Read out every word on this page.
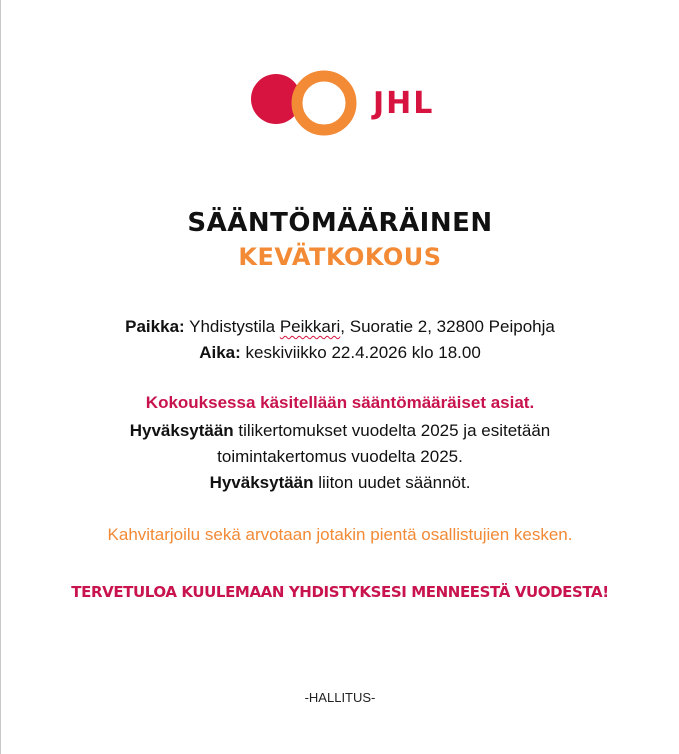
JHL
SÄÄNTÖMÄÄRÄINEN
KEVÄTKOKOUS
Paikka: Yhdistystila Peikkari, Suoratie 2, 32800 Peipohja
Aika: keskiviikko 22.4.2026 klo 18.00
Kokouksessa käsitellään sääntömääräiset asiat.
Hyväksytään tilikertomukset vuodelta 2025 ja esitetään
toimintakertomus vuodelta 2025.
Hyväksytään liiton uudet säännöt.
Kahvitarjoilu sekä arvotaan jotakin pientä osallistujien kesken.
TERVETULOA KUULEMAAN YHDISTYKSESI MENNEESTÄ VUODESTA!
-HALLITUS-
